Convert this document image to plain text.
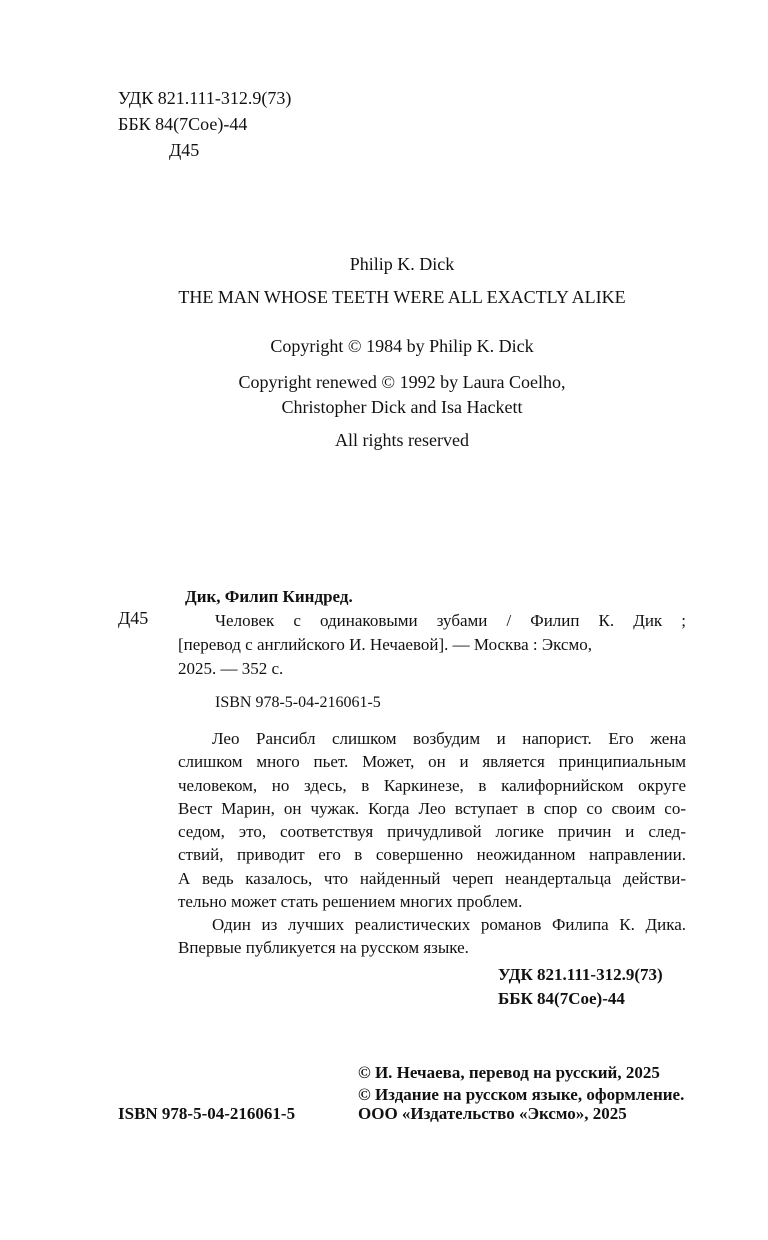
УДК 821.111-312.9(73)
ББК 84(7Сое)-44
Д45
Philip K. Dick
THE MAN WHOSE TEETH WERE ALL EXACTLY ALIKE
Copyright © 1984 by Philip K. Dick
Copyright renewed © 1992 by Laura Coelho,
Christopher Dick and Isa Hackett
All rights reserved
Д45
Дик, Филип Киндред.
Человек с одинаковыми зубами / Филип К. Дик ;
[перевод с английского И. Нечаевой]. — Москва : Эксмо,
2025. — 352 с.
ISBN 978-5-04-216061-5
Лео Рансибл слишком возбудим и напорист. Его жена
слишком много пьет. Может, он и является принципиальным
человеком, но здесь, в Каркинезе, в калифорнийском округе
Вест Марин, он чужак. Когда Лео вступает в спор со своим со-
седом, это, соответствуя причудливой логике причин и след-
ствий, приводит его в совершенно неожиданном направлении.
А ведь казалось, что найденный череп неандертальца действи-
тельно может стать решением многих проблем.
Один из лучших реалистических романов Филипа К. Дика.
Впервые публикуется на русском языке.
УДК 821.111-312.9(73)
ББК 84(7Сое)-44
© И. Нечаева, перевод на русский, 2025
© Издание на русском языке, оформление.
ISBN 978-5-04-216061-5	ООО «Издательство «Эксмо», 2025
